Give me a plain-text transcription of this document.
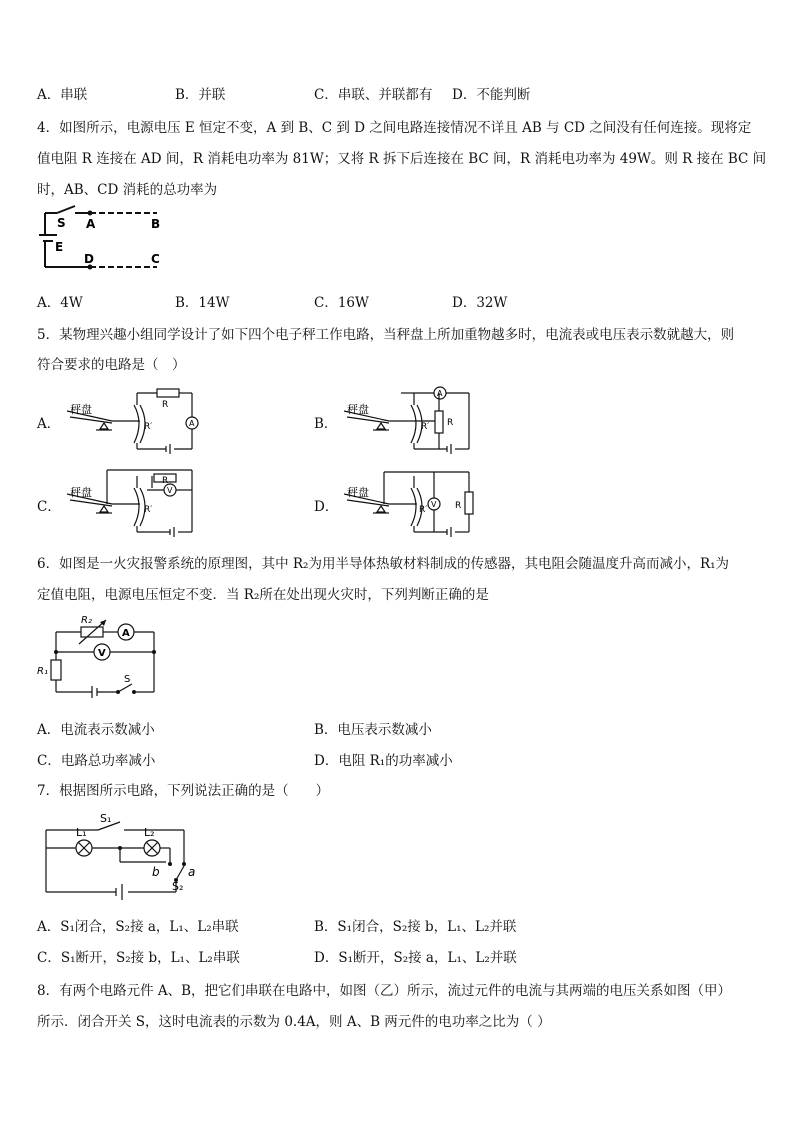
A．串联	B．并联	C．串联、并联都有 D．不能判断
4．如图所示，电源电压 E 恒定不变，A 到 B、C 到 D 之间电路连接情况不详且 AB 与 CD 之间没有任何连接。现将定
值电阻 R 连接在 AD 间，R 消耗电功率为 81W；又将 R 拆下后连接在 BC 间，R 消耗电功率为 49W。则 R 接在 BC 间
时，AB、CD 消耗的总功率为
S A	B
E
D	C
A．4W	B．14W	C．16W	D．32W
5．某物理兴趣小组同学设计了如下四个电子秤工作电路，当秤盘上所加重物越多时，电流表或电压表示数就越大，则
符合要求的电路是（　）
A．
秤盘	R
R′	A	B．
秤盘
R
R′
A
C．
秤盘
R
R′
V
D．
秤盘
R
R′
V
6．如图是一火灾报警系统的原理图，其中 R₂为用半导体热敏材料制成的传感器，其电阻会随温度升高而减小，R₁为
定值电阻，电源电压恒定不变．当 R₂所在处出现火灾时，下列判断正确的是
R₂
R₁
A
V
S
A．电流表示数减小	B．电压表示数减小
C．电路总功率减小	D．电阻 R₁的功率减小
7．根据图所示电路，下列说法正确的是（　　）
S₁
L₁	L₂
b a
S₂
A．S₁闭合，S₂接 a，L₁、L₂串联	B．S₁闭合，S₂接 b，L₁、L₂并联
C．S₁断开，S₂接 b，L₁、L₂串联	D．S₁断开，S₂接 a，L₁、L₂并联
8．有两个电路元件 A、B，把它们串联在电路中，如图（乙）所示，流过元件的电流与其两端的电压关系如图（甲）
所示．闭合开关 S，这时电流表的示数为 0.4A，则 A、B 两元件的电功率之比为（ ）
